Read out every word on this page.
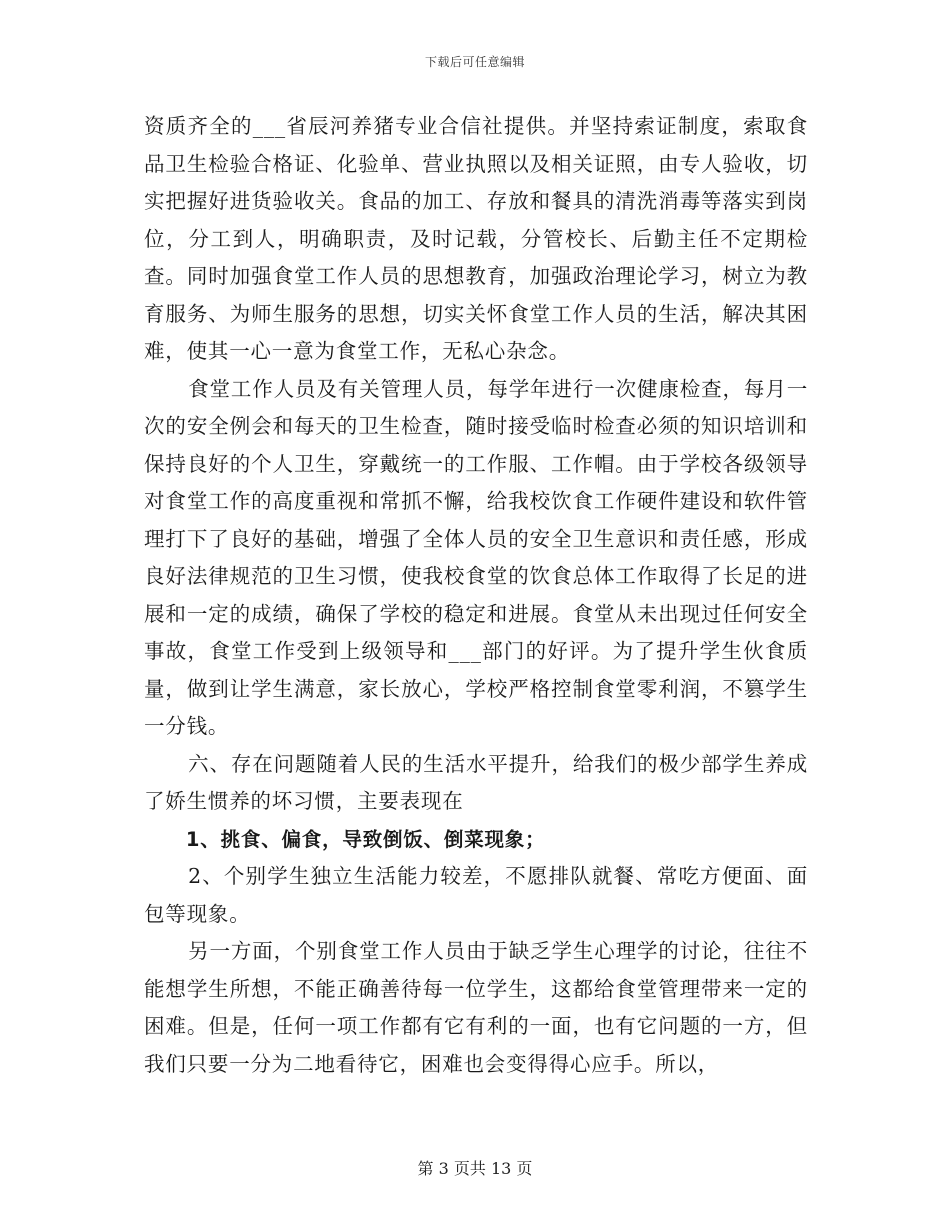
下载后可任意编辑

资质齐全的___省辰河养猪专业合信社提供。并坚持索证制度，索取食品卫生检验合格证、化验单、营业执照以及相关证照，由专人验收，切实把握好进货验收关。食品的加工、存放和餐具的清洗消毒等落实到岗位，分工到人，明确职责，及时记载，分管校长、后勤主任不定期检查。同时加强食堂工作人员的思想教育，加强政治理论学习，树立为教育服务、为师生服务的思想，切实关怀食堂工作人员的生活，解决其困难，使其一心一意为食堂工作，无私心杂念。

食堂工作人员及有关管理人员，每学年进行一次健康检查，每月一次的安全例会和每天的卫生检查，随时接受临时检查必须的知识培训和保持良好的个人卫生，穿戴统一的工作服、工作帽。由于学校各级领导对食堂工作的高度重视和常抓不懈，给我校饮食工作硬件建设和软件管理打下了良好的基础，增强了全体人员的安全卫生意识和责任感，形成良好法律规范的卫生习惯，使我校食堂的饮食总体工作取得了长足的进展和一定的成绩，确保了学校的稳定和进展。食堂从未出现过任何安全事故，食堂工作受到上级领导和___部门的好评。为了提升学生伙食质量，做到让学生满意，家长放心，学校严格控制食堂零利润，不篡学生一分钱。

六、存在问题随着人民的生活水平提升，给我们的极少部学生养成了娇生惯养的坏习惯，主要表现在

1、挑食、偏食，导致倒饭、倒菜现象；

2、个别学生独立生活能力较差，不愿排队就餐、常吃方便面、面包等现象。

另一方面，个别食堂工作人员由于缺乏学生心理学的讨论，往往不能想学生所想，不能正确善待每一位学生，这都给食堂管理带来一定的困难。但是，任何一项工作都有它有利的一面，也有它问题的一方，但我们只要一分为二地看待它，困难也会变得得心应手。所以，

第 3 页共 13 页
